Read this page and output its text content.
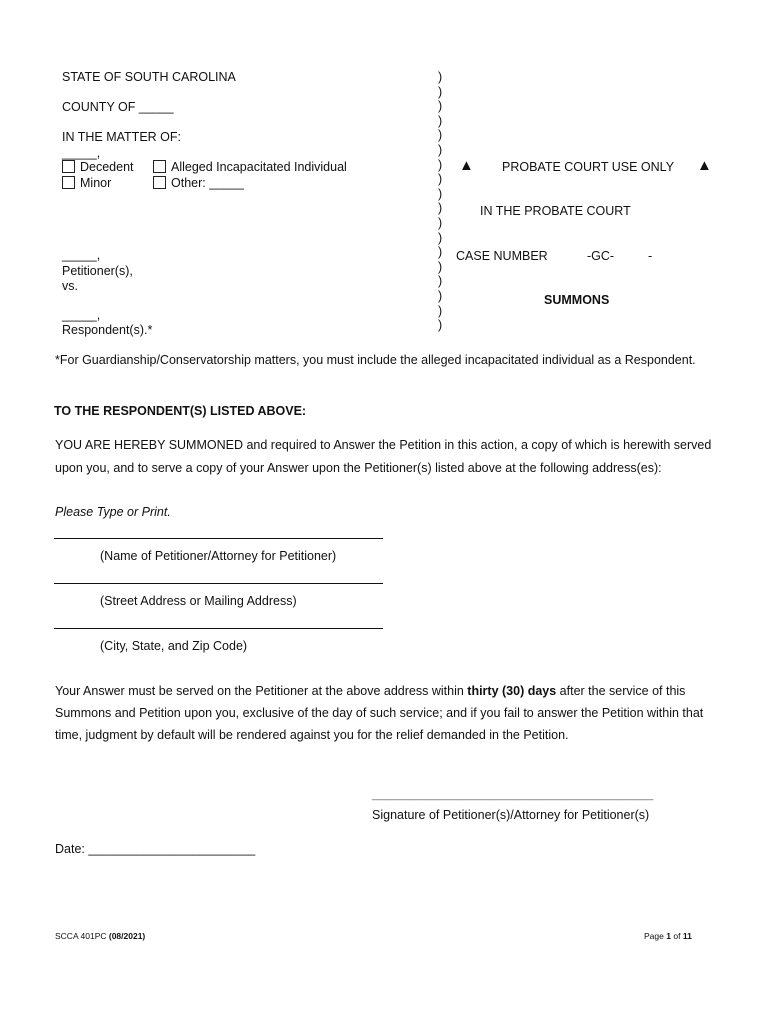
STATE OF SOUTH CAROLINA
COUNTY OF _____
IN THE MATTER OF:
_____,
Decedent	Alleged Incapacitated Individual
Minor	Other: _____
_____,
Petitioner(s),
vs.
_____,
Respondent(s).*
)
)
)
)
)
)
)
)
)
)
)
)
)
)
)
)
)
)
▲ PROBATE COURT USE ONLY ▲
IN THE PROBATE COURT
CASE NUMBER	-GC-	-
SUMMONS
*For Guardianship/Conservatorship matters, you must include the alleged incapacitated individual as a Respondent.
TO THE RESPONDENT(S) LISTED ABOVE:
YOU ARE HEREBY SUMMONED and required to Answer the Petition in this action, a copy of which is herewith served
upon you, and to serve a copy of your Answer upon the Petitioner(s) listed above at the following address(es):
Please Type or Print.
(Name of Petitioner/Attorney for Petitioner)
(Street Address or Mailing Address)
(City, State, and Zip Code)
Your Answer must be served on the Petitioner at the above address within thirty (30) days after the service of this
Summons and Petition upon you, exclusive of the day of such service; and if you fail to answer the Petition within that
time, judgment by default will be rendered against you for the relief demanded in the Petition.
______________________________________________
Signature of Petitioner(s)/Attorney for Petitioner(s)
Date: ________________________
SCCA 401PC (08/2021)	Page 1 of 11
